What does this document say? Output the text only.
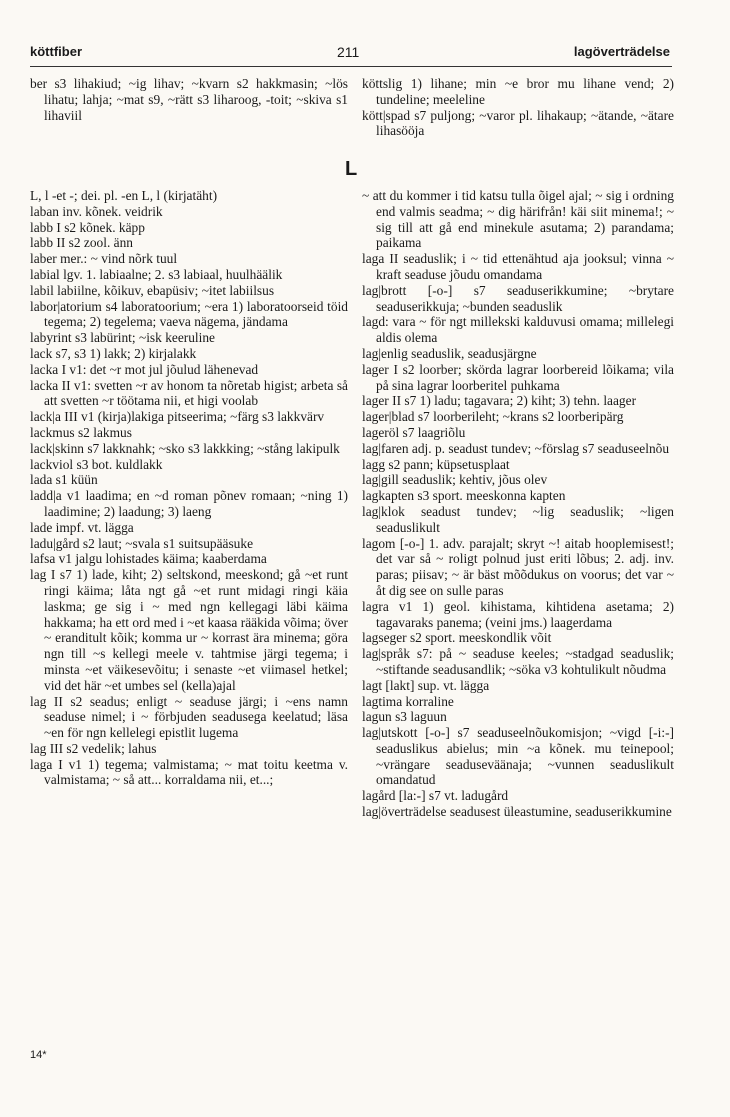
köttfiber	211	lagöverträdelse

ber s3 lihakiud; ~ig lihav; ~kvarn s2 hakkmasin; ~lös lihatu; lahja; ~mat s9, ~rätt s3 liharoog, -toit; ~skiva s1 lihaviil

köttslig 1) lihane; min ~e bror mu lihane vend; 2) tundeline; meeleline

kött|spad s7 puljong; ~varor pl. lihakaup; ~ätande, ~ätare lihasööja

L

L, l -et -; dei. pl. -en L, l (kirjatäht)

laban inv. kõnek. veidrik

labb I s2 kõnek. käpp

labb II s2 zool. änn

laber mer.: ~ vind nõrk tuul

labial lgv. 1. labiaalne; 2. s3 labiaal, huulhäälik

labil labiilne, kõikuv, ebapüsiv; ~itet labiilsus

labor|atorium s4 laboratoorium; ~era 1) laboratoorseid töid tegema; 2) tegelema; vaeva nägema, jändama

labyrint s3 labürint; ~isk keeruline

lack s7, s3 1) lakk; 2) kirjalakk

lacka I v1: det ~r mot jul jõulud lähenevad

lacka II v1: svetten ~r av honom ta nõretab higist; arbeta så att svetten ~r töötama nii, et higi voolab

lack|a III v1 (kirja)lakiga pitseerima; ~färg s3 lakkvärv

lackmus s2 lakmus

lack|skinn s7 lakknahk; ~sko s3 lakkking; ~stång lakipulk

lackviol s3 bot. kuldlakk

lada s1 küün

ladd|a v1 laadima; en ~d roman põnev romaan; ~ning 1) laadimine; 2) laadung; 3) laeng

lade impf. vt. lägga

ladu|gård s2 laut; ~svala s1 suitsupääsuke

lafsa v1 jalgu lohistades käima; kaaberdama

lag I s7 1) lade, kiht; 2) seltskond, meeskond; gå ~et runt ringi käima; låta ngt gå ~et runt midagi ringi käia laskma; ge sig i ~ med ngn kellegagi läbi käima hakkama; ha ett ord med i ~et kaasa rääkida võima; över ~ eranditult kõik; komma ur ~ korrast ära minema; göra ngn till ~s kellegi meele v. tahtmise järgi tegema; i minsta ~et väikesevõitu; i senaste ~et viimasel hetkel; vid det här ~et umbes sel (kella)ajal

lag II s2 seadus; enligt ~ seaduse järgi; i ~ens namn seaduse nimel; i ~ förbjuden seadusega keelatud; läsa ~en för ngn kellelegi epistlit lugema

lag III s2 vedelik; lahus

laga I v1 1) tegema; valmistama; ~ mat toitu keetma v. valmistama; ~ så att... korraldama nii, et...;

~ att du kommer i tid katsu tulla õigel ajal; ~ sig i ordning end valmis seadma; ~ dig härifrån! käi siit minema!; ~ sig till att gå end minekule asutama; 2) parandama; paikama

laga II seaduslik; i ~ tid ettenähtud aja jooksul; vinna ~ kraft seaduse jõudu omandama

lag|brott [-o-] s7 seaduserikkumine; ~brytare seaduserikkuja; ~bunden seaduslik

lagd: vara ~ för ngt millekski kalduvusi omama; millelegi aldis olema

lag|enlig seaduslik, seadusjärgne

lager I s2 loorber; skörda lagrar loorbereid lõikama; vila på sina lagrar loorberitel puhkama

lager II s7 1) ladu; tagavara; 2) kiht; 3) tehn. laager

lager|blad s7 loorberileht; ~krans s2 loorberipärg

lageröl s7 laagriõlu

lag|faren adj. p. seadust tundev; ~förslag s7 seaduseelnõu

lagg s2 pann; küpsetusplaat

lag|gill seaduslik; kehtiv, jõus olev

lagkapten s3 sport. meeskonna kapten

lag|klok seadust tundev; ~lig seaduslik; ~ligen seaduslikult

lagom [-o-] 1. adv. parajalt; skryt ~! aitab hooplemisest!; det var så ~ roligt polnud just eriti lõbus; 2. adj. inv. paras; piisav; ~ är bäst mõõdukus on voorus; det var ~ åt dig see on sulle paras

lagra v1 1) geol. kihistama, kihtidena asetama; 2) tagavaraks panema; (veini jms.) laagerdama

lagseger s2 sport. meeskondlik võit

lag|språk s7: på ~ seaduse keeles; ~stadgad seaduslik; ~stiftande seadusandlik; ~söka v3 kohtulikult nõudma

lagt [lakt] sup. vt. lägga

lagtima korraline

lagun s3 laguun

lag|utskott [-o-] s7 seaduseelnõukomisjon; ~vigd [-i:-] seaduslikus abielus; min ~a kõnek. mu teinepool; ~vrängare seaduseväänaja; ~vunnen seaduslikult omandatud

lagård [la:-] s7 vt. ladugård

lag|överträdelse seadusest üleastumine, seaduserikkumine

14*
